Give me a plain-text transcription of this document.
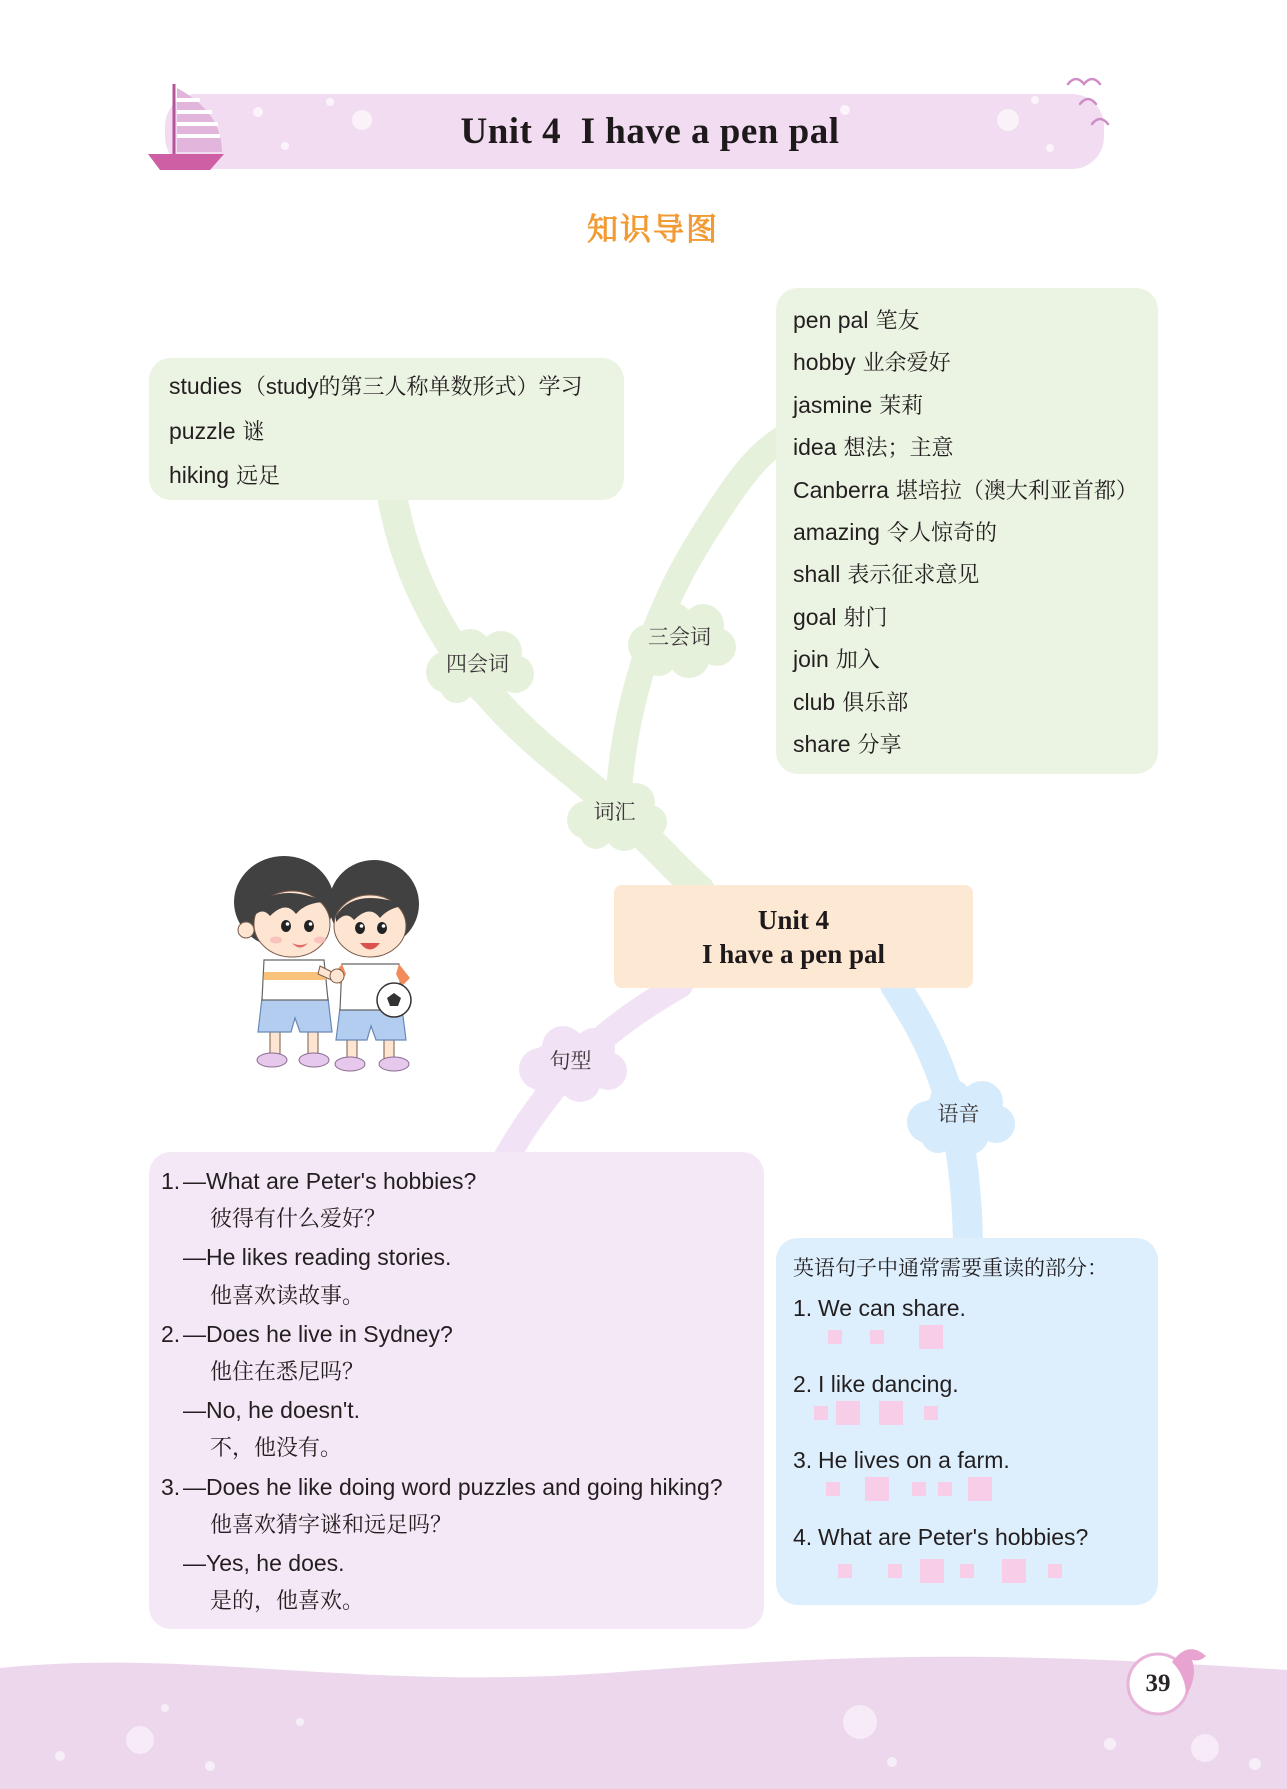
Unit 4  I have a pen pal
知识导图
studies（study的第三人称单数形式）学习
puzzle 谜
hiking 远足
pen pal 笔友
hobby 业余爱好
jasmine 茉莉
idea 想法；主意
Canberra 堪培拉（澳大利亚首都）
amazing 令人惊奇的
shall 表示征求意见
goal 射门
join 加入
club 俱乐部
share 分享
四会词
三会词
词汇
句型
语音
Unit 4
I have a pen pal
1. —What are Peter's hobbies?
彼得有什么爱好？
—He likes reading stories.
他喜欢读故事。
2. —Does he live in Sydney?
他住在悉尼吗？
—No, he doesn't.
不，他没有。
3. —Does he like doing word puzzles and going hiking?
他喜欢猜字谜和远足吗？
—Yes, he does.
是的，他喜欢。
英语句子中通常需要重读的部分：
1. We can share.
2. I like dancing.
3. He lives on a farm.
4. What are Peter's hobbies?
39
